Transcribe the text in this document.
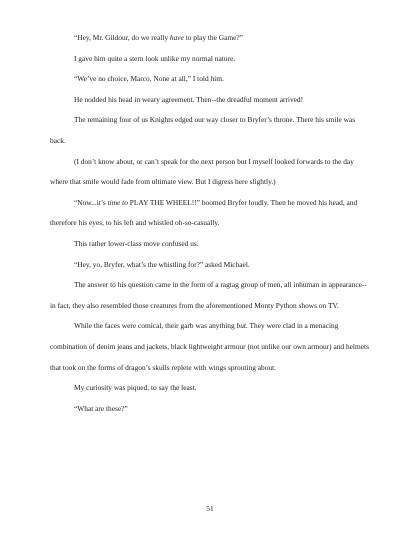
“Hey, Mr. Gildour, do we really have to play the Game?”

I gave him quite a stern look unlike my normal nature.

“We’ve no choice, Marco. None at all,” I told him.

He nodded his head in weary agreement. Then--the dreadful moment arrived!

The remaining four of us Knights edged our way closer to Bryfer’s throne. There his smile was back.

(I don’t know about, or can’t speak for the next person but I myself looked forwards to the day where that smile would fade from ultimate view. But I digress here slightly.)

“Now...it’s time to PLAY THE WHEEL!!” boomed Bryfer loudly. Then he moved his head, and therefore his eyes, to his left and whistled oh-so-casually.

This rather lower-class move confused us.

“Hey, yo, Bryfer, what’s the whistling for?” asked Michael.

The answer to his question came in the form of a ragtag group of men, all inhuman in appearance--in fact, they also resembled those creatures from the aforementioned Monty Python shows on TV.

While the faces were comical, their garb was anything but. They were clad in a menacing combination of denim jeans and jackets, black lightweight armour (not unlike our own armour) and helmets that took on the forms of dragon’s skulls replete with wings sprouting about.

My curiosity was piqued, to say the least.

“What are these?”

51
